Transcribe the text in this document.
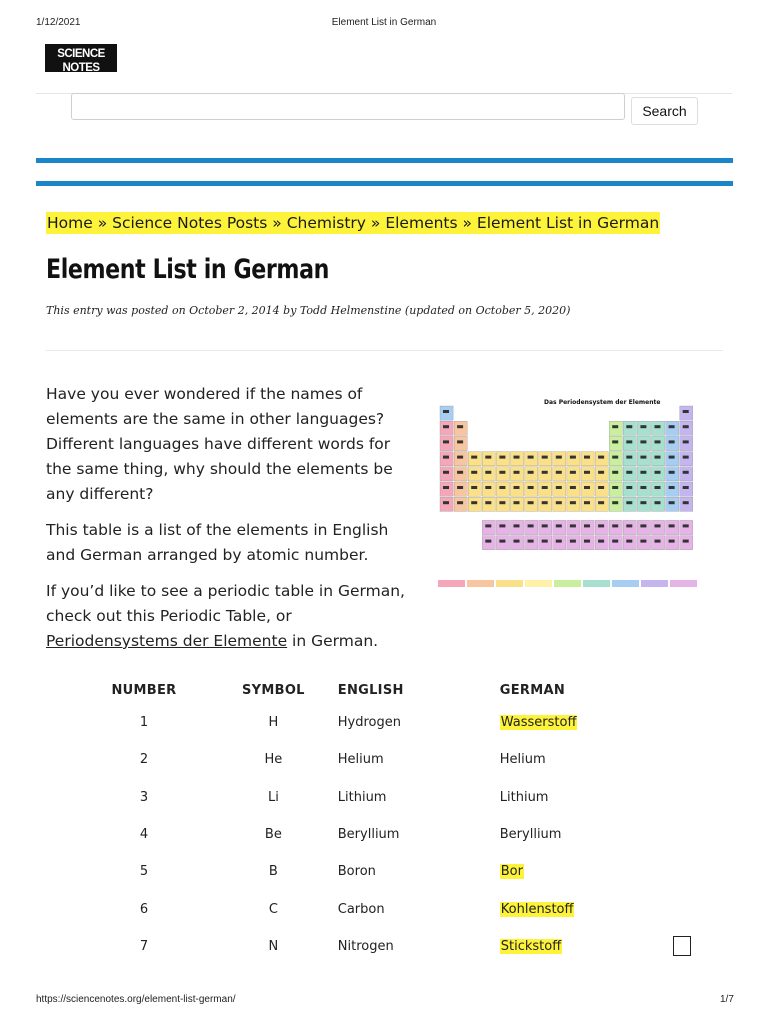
1/12/2021	Element List in German
SCIENCE NOTES
Learn Science · Do Science
Search
Home » Science Notes Posts » Chemistry » Elements » Element List in German
Element List in German
This entry was posted on October 2, 2014 by Todd Helmenstine (updated on October 5, 2020)

Have you ever wondered if the names of elements are the same in other languages? Different languages have different words for the same thing, why should the elements be any different?

This table is a list of the elements in English and German arranged by atomic number.

If you’d like to see a periodic table in German, check out this Periodic Table, or Periodensystems der Elemente in German.

Das Periodensystem der Elemente
NUMBER	SYMBOL	ENGLISH	GERMAN
1	H	Hydrogen	Wasserstoff
2	He	Helium	Helium
3	Li	Lithium	Lithium
4	Be	Beryllium	Beryllium
5	B	Boron	Bor
6	C	Carbon	Kohlenstoff
7	N	Nitrogen	Stickstoff
https://sciencenotes.org/element-list-german/	1/7
